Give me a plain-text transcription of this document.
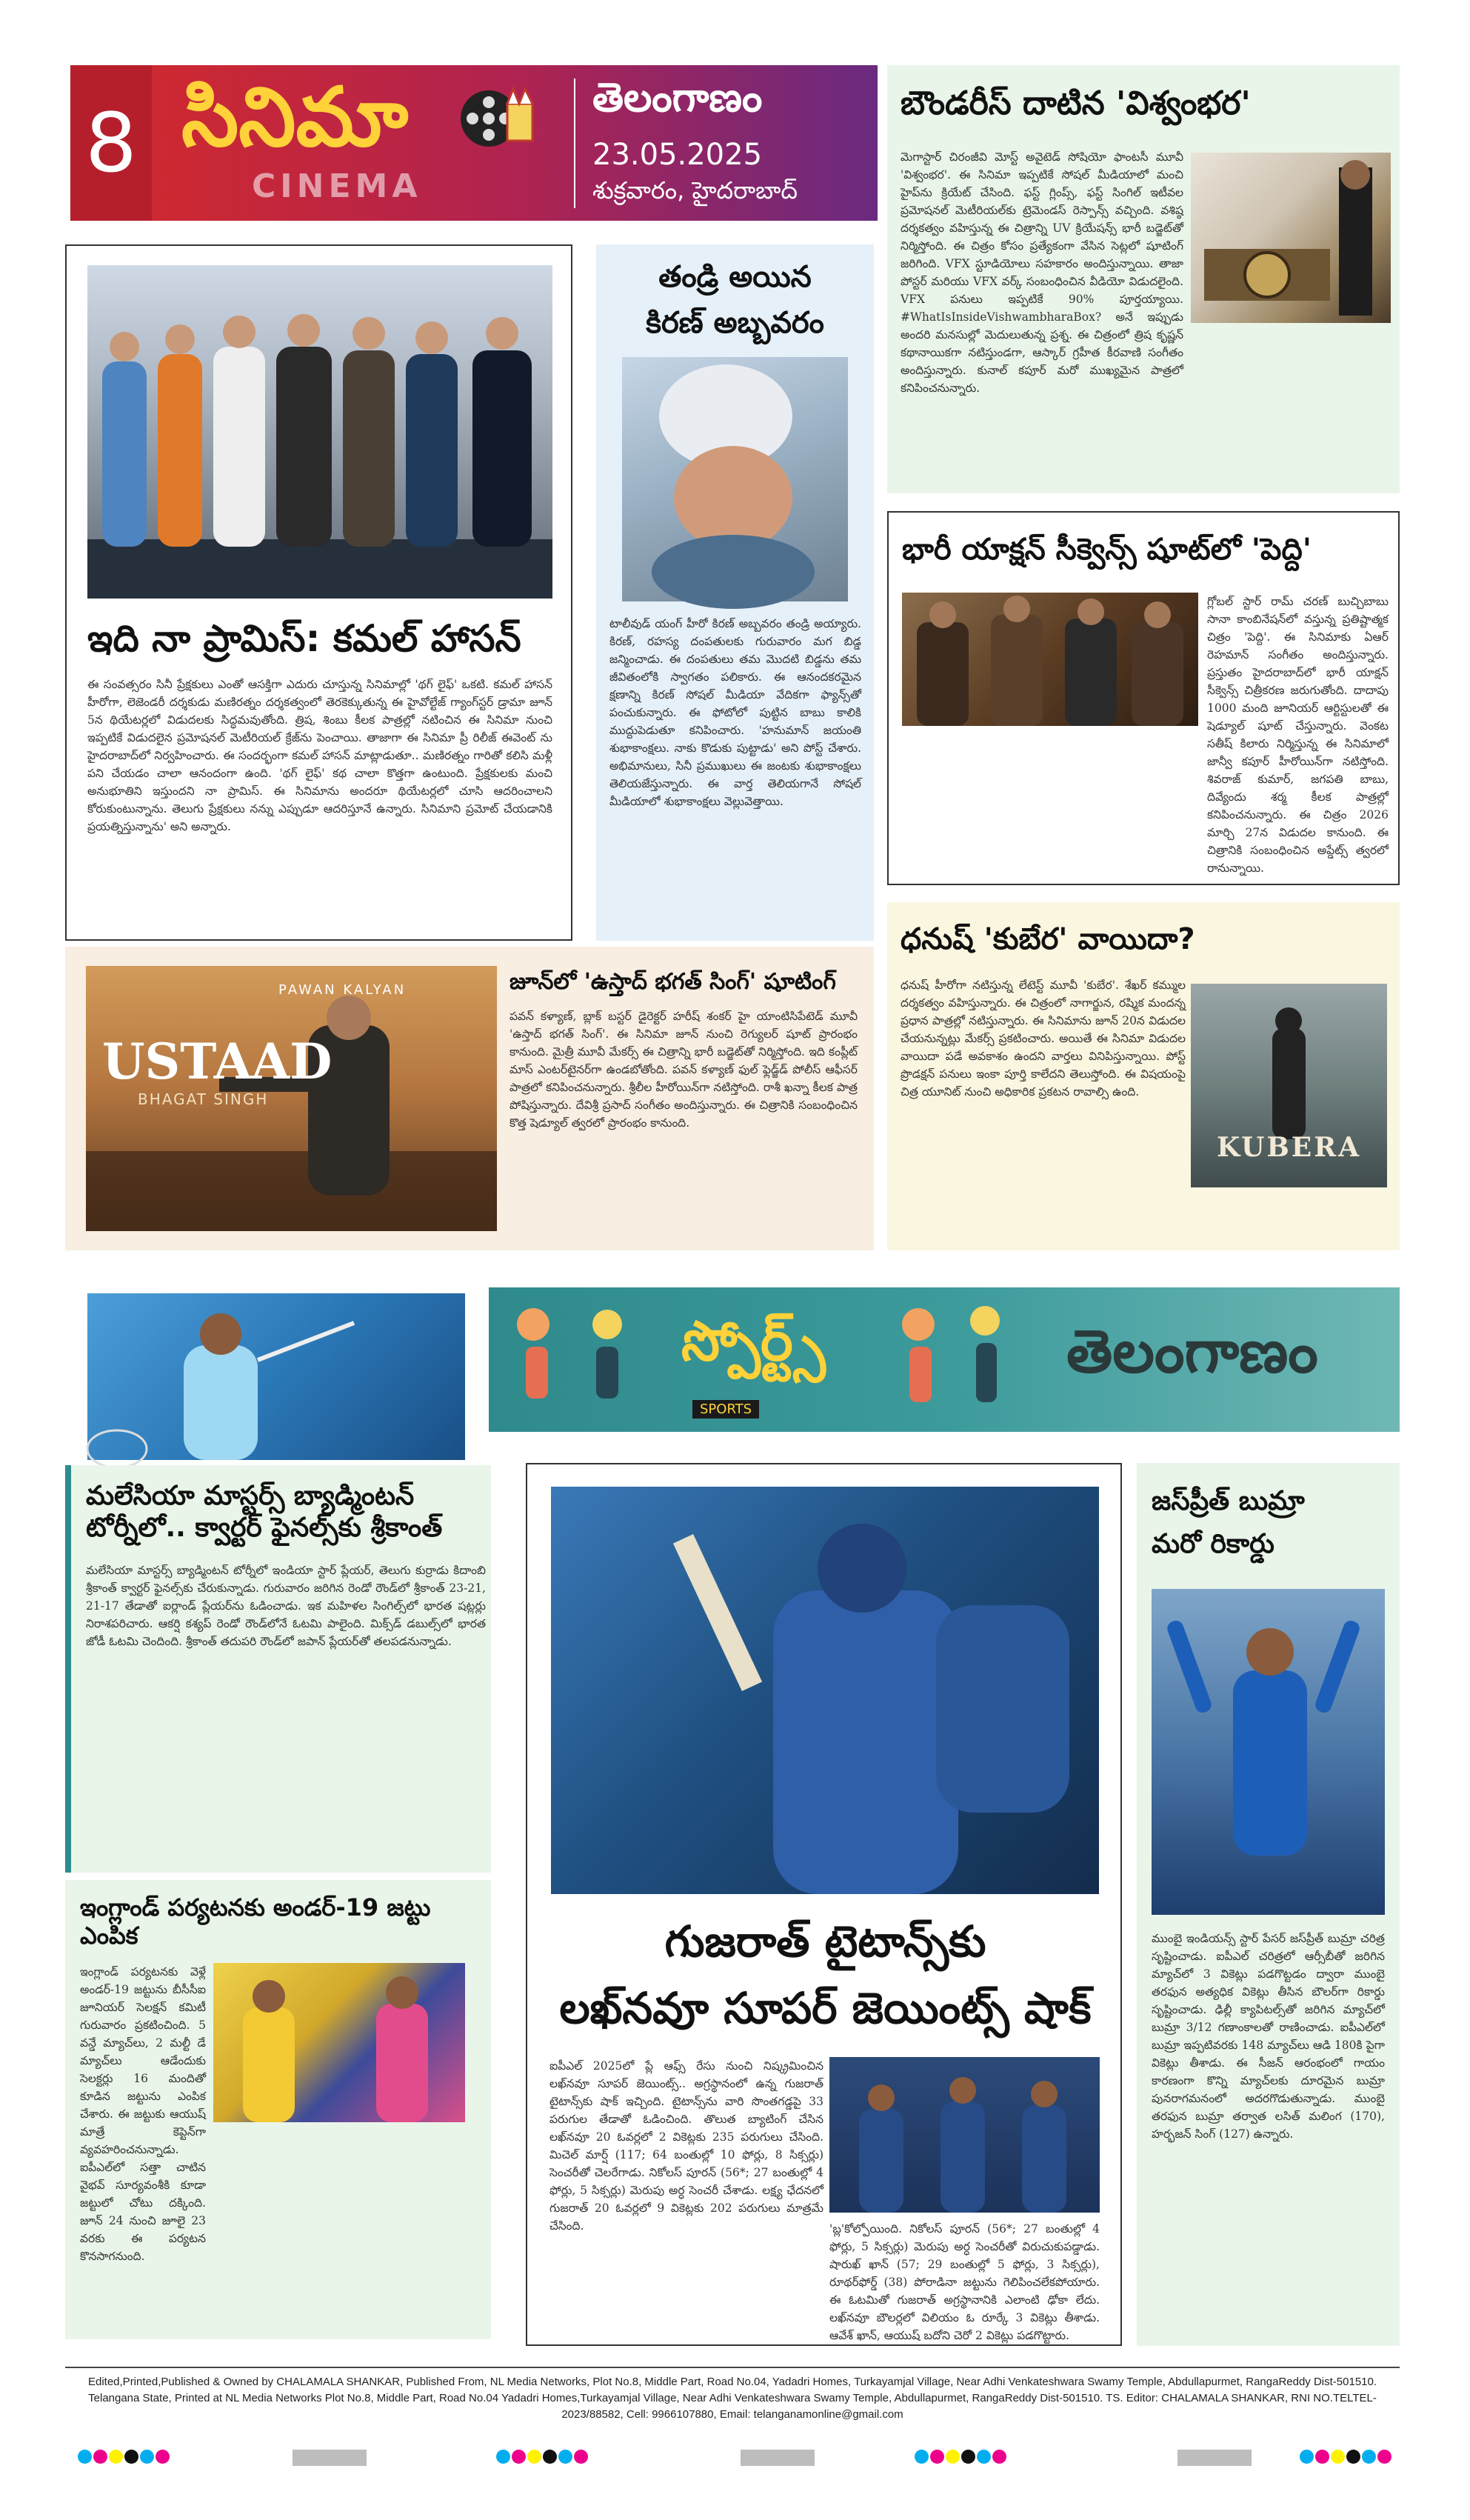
8 సినిమా
CINEMA
తెలంగాణం
23.05.2025
శుక్రవారం, హైదరాబాద్
బౌండరీస్ దాటిన 'విశ్వంభర'
మెగాస్టార్ చిరంజీవి మోస్ట్ అవైటెడ్ సోషియో ఫాంటసీ మూవీ 'విశ్వంభర'. ఈ సినిమా ఇప్పటికే సోషల్ మీడియాలో మంచి హైప్‌ను క్రియేట్ చేసింది. ఫస్ట్ గ్లింప్స్, ఫస్ట్ సింగిల్ ఇటీవల ప్రమోషనల్ మెటీరియల్‌కు ట్రెమెండస్ రెస్పాన్స్ వచ్చింది. వశిష్ఠ దర్శకత్వం వహిస్తున్న ఈ చిత్రాన్ని UV క్రియేషన్స్ భారీ బడ్జెట్‌తో నిర్మిస్తోంది. ఈ చిత్రం కోసం ప్రత్యేకంగా వేసిన సెట్లలో షూటింగ్ జరిగింది. VFX స్టూడియోలు సహకారం అందిస్తున్నాయి. తాజా పోస్టర్ మరియు VFX వర్క్ సంబంధించిన వీడియో విడుదలైంది. VFX పనులు ఇప్పటికే 90% పూర్తయ్యాయి. #WhatIsInsideVishwambharaBox? అనే ఇప్పుడు అందరి మనసుల్లో మెదులుతున్న ప్రశ్న. ఈ చిత్రంలో త్రిష కృష్ణన్ కథానాయికగా నటిస్తుండగా, ఆస్కార్ గ్రహీత కీరవాణి సంగీతం అందిస్తున్నారు. కునాల్ కపూర్ మరో ముఖ్యమైన పాత్రలో కనిపించనున్నారు.
ఇది నా ప్రామిస్: కమల్ హాసన్
ఈ సంవత్సరం సినీ ప్రేక్షకులు ఎంతో ఆసక్తిగా ఎదురు చూస్తున్న సినిమాల్లో 'థగ్ లైఫ్' ఒకటి. కమల్ హాసన్ హీరోగా, లెజెండరీ దర్శకుడు మణిరత్నం దర్శకత్వంలో తెరకెక్కుతున్న ఈ హైవోల్టేజ్ గ్యాంగ్‌స్టర్ డ్రామా జూన్ 5న థియేటర్లలో విడుదలకు సిద్ధమవుతోంది. త్రిష, శింబు కీలక పాత్రల్లో నటించిన ఈ సినిమా నుంచి ఇప్పటికే విడుదలైన ప్రమోషనల్ మెటీరియల్ క్రేజ్‌ను పెంచాయి. తాజాగా ఈ సినిమా ప్రీ రిలీజ్ ఈవెంట్ ను హైదరాబాద్‌లో నిర్వహించారు. ఈ సందర్భంగా కమల్ హాసన్ మాట్లాడుతూ.. మణిరత్నం గారితో కలిసి మళ్లీ పని చేయడం చాలా ఆనందంగా ఉంది. 'థగ్ లైఫ్' కథ చాలా కొత్తగా ఉంటుంది. ప్రేక్షకులకు మంచి అనుభూతిని ఇస్తుందని నా ప్రామిస్. ఈ సినిమాను అందరూ థియేటర్లలో చూసి ఆదరించాలని కోరుకుంటున్నాను. తెలుగు ప్రేక్షకులు నన్ను ఎప్పుడూ ఆదరిస్తూనే ఉన్నారు. సినిమాని ప్రమోట్ చేయడానికి ప్రయత్నిస్తున్నాను' అని అన్నారు.
తండ్రి అయిన
కిరణ్ అబ్బవరం
టాలీవుడ్ యంగ్ హీరో కిరణ్ అబ్బవరం తండ్రి అయ్యారు. కిరణ్, రహస్య దంపతులకు గురువారం మగ బిడ్డ జన్మించాడు. ఈ దంపతులు తమ మొదటి బిడ్డను తమ జీవితంలోకి స్వాగతం పలికారు. ఈ ఆనందకరమైన క్షణాన్ని కిరణ్ సోషల్ మీడియా వేదికగా ఫ్యాన్స్‌తో పంచుకున్నారు. ఈ ఫోటోలో పుట్టిన బాబు కాలికి ముద్దుపెడుతూ కనిపించారు. 'హనుమాన్ జయంతి శుభాకాంక్షలు. నాకు కొడుకు పుట్టాడు' అని పోస్ట్ చేశారు. అభిమానులు, సినీ ప్రముఖులు ఈ జంటకు శుభాకాంక్షలు తెలియజేస్తున్నారు. ఈ వార్త తెలియగానే సోషల్ మీడియాలో శుభాకాంక్షలు వెల్లువెత్తాయి.
భారీ యాక్షన్ సీక్వెన్స్ షూట్‌లో 'పెద్ది'
గ్లోబల్ స్టార్ రామ్ చరణ్ బుచ్చిబాబు సానా కాంబినేషన్‌లో వస్తున్న ప్రతిష్టాత్మక చిత్రం 'పెద్ది'. ఈ సినిమాకు ఏఆర్ రెహమాన్ సంగీతం అందిస్తున్నారు. ప్రస్తుతం హైదరాబాద్‌లో భారీ యాక్షన్ సీక్వెన్స్ చిత్రీకరణ జరుగుతోంది. దాదాపు 1000 మంది జూనియర్ ఆర్టిస్టులతో ఈ షెడ్యూల్ షూట్ చేస్తున్నారు. వెంకట సతీష్ కిలారు నిర్మిస్తున్న ఈ సినిమాలో జాన్వీ కపూర్ హీరోయిన్‌గా నటిస్తోంది. శివరాజ్ కుమార్, జగపతి బాబు, దివ్యేందు శర్మ కీలక పాత్రల్లో కనిపించనున్నారు. ఈ చిత్రం 2026 మార్చి 27న విడుదల కానుంది. ఈ చిత్రానికి సంబంధించిన అప్డేట్స్ త్వరలో రానున్నాయి.
PAWAN KALYAN
USTAAD
BHAGAT SINGH
జూన్‌లో 'ఉస్తాద్ భగత్ సింగ్' షూటింగ్
పవన్ కళ్యాణ్, బ్లాక్ బస్టర్ డైరెక్టర్ హరీష్ శంకర్ హై యాంటిసిపేటెడ్ మూవీ 'ఉస్తాద్ భగత్ సింగ్'. ఈ సినిమా జూన్ నుంచి రెగ్యులర్ షూట్ ప్రారంభం కానుంది. మైత్రీ మూవీ మేకర్స్ ఈ చిత్రాన్ని భారీ బడ్జెట్‌తో నిర్మిస్తోంది. ఇది కంప్లీట్ మాస్ ఎంటర్‌టైనర్‌గా ఉండబోతోంది. పవన్ కళ్యాణ్ ఫుల్ ఫ్లెడ్జ్‌డ్ పోలీస్ ఆఫీసర్ పాత్రలో కనిపించనున్నారు. శ్రీలీల హీరోయిన్‌గా నటిస్తోంది. రాశీ ఖన్నా కీలక పాత్ర పోషిస్తున్నారు. దేవిశ్రీ ప్రసాద్ సంగీతం అందిస్తున్నారు. ఈ చిత్రానికి సంబంధించిన కొత్త షెడ్యూల్ త్వరలో ప్రారంభం కానుంది.
ధనుష్ 'కుబేర' వాయిదా?
ధనుష్ హీరోగా నటిస్తున్న లేటెస్ట్ మూవీ 'కుబేర'. శేఖర్ కమ్ముల దర్శకత్వం వహిస్తున్నారు. ఈ చిత్రంలో నాగార్జున, రష్మిక మందన్న ప్రధాన పాత్రల్లో నటిస్తున్నారు. ఈ సినిమాను జూన్ 20న విడుదల చేయనున్నట్లు మేకర్స్ ప్రకటించారు. అయితే ఈ సినిమా విడుదల వాయిదా పడే అవకాశం ఉందని వార్తలు వినిపిస్తున్నాయి. పోస్ట్ ప్రొడక్షన్ పనులు ఇంకా పూర్తి కాలేదని తెలుస్తోంది. ఈ విషయంపై చిత్ర యూనిట్ నుంచి అధికారిక ప్రకటన రావాల్సి ఉంది.
KUBERA
స్పోర్ట్స్
SPORTS
తెలంగాణం
మలేసియా మాస్టర్స్ బ్యాడ్మింటన్ టోర్నీలో.. క్వార్టర్ ఫైనల్స్‌కు శ్రీకాంత్
మలేసియా మాస్టర్స్ బ్యాడ్మింటన్ టోర్నీలో ఇండియా స్టార్ ప్లేయర్, తెలుగు కుర్రాడు కిదాంబి శ్రీకాంత్ క్వార్టర్ ఫైనల్స్‌కు చేరుకున్నాడు. గురువారం జరిగిన రెండో రౌండ్‌లో శ్రీకాంత్ 23-21, 21-17 తేడాతో ఐర్లాండ్ ప్లేయర్‌ను ఓడించాడు. ఇక మహిళల సింగిల్స్‌లో భారత షట్లర్లు నిరాశపరిచారు. ఆకర్షి కశ్యప్ రెండో రౌండ్‌లోనే ఓటమి పాలైంది. మిక్స్‌డ్ డబుల్స్‌లో భారత జోడీ ఓటమి చెందింది. శ్రీకాంత్ తదుపరి రౌండ్‌లో జపాన్ ప్లేయర్‌తో తలపడనున్నాడు.
ఇంగ్లాండ్ పర్యటనకు అండర్-19 జట్టు ఎంపిక
ఇంగ్లాండ్ పర్యటనకు వెళ్లే అండర్-19 జట్టును బీసీసీఐ జూనియర్ సెలక్షన్ కమిటీ గురువారం ప్రకటించింది. 5 వన్డే మ్యాచ్‌లు, 2 మల్టీ డే మ్యాచ్‌లు ఆడేందుకు సెలక్టర్లు 16 మందితో కూడిన జట్టును ఎంపిక చేశారు. ఈ జట్టుకు ఆయుష్ మాత్రే కెప్టెన్‌గా వ్యవహరించనున్నాడు. ఐపీఎల్‌లో సత్తా చాటిన వైభవ్ సూర్యవంశీకి కూడా జట్టులో చోటు దక్కింది. జూన్ 24 నుంచి జూలై 23 వరకు ఈ పర్యటన కొనసాగనుంది.
గుజరాత్ టైటాన్స్‌కు
లఖ్‌నవూ సూపర్ జెయింట్స్ షాక్
ఐపీఎల్ 2025లో ప్లే ఆఫ్స్ రేసు నుంచి నిష్క్రమించిన లఖ్‌నవూ సూపర్ జెయింట్స్.. అగ్రస్థానంలో ఉన్న గుజరాత్ టైటాన్స్‌కు షాక్ ఇచ్చింది. టైటాన్స్‌ను వారి సొంతగడ్డపై 33 పరుగుల తేడాతో ఓడించింది. తొలుత బ్యాటింగ్ చేసిన లఖ్‌నవూ 20 ఓవర్లలో 2 వికెట్లకు 235 పరుగులు చేసింది. మిచెల్ మార్ష్ (117; 64 బంతుల్లో 10 ఫోర్లు, 8 సిక్సర్లు) సెంచరీతో చెలరేగాడు. నికోలస్ పూరన్ (56*; 27 బంతుల్లో 4 ఫోర్లు, 5 సిక్సర్లు) మెరుపు అర్ధ సెంచరీ చేశాడు. లక్ష్య ఛేదనలో గుజరాత్ 20 ఓవర్లలో 9 వికెట్లకు 202 పరుగులు మాత్రమే చేసింది.	'బ్ల'కోల్పోయింది. నికోలస్ పూరన్ (56*; 27 బంతుల్లో 4 ఫోర్లు, 5 సిక్సర్లు) మెరుపు అర్ధ సెంచరీతో విరుచుకుపడ్డాడు. షారుఖ్ ఖాన్ (57; 29 బంతుల్లో 5 ఫోర్లు, 3 సిక్సర్లు), రూథర్‌ఫోర్డ్ (38) పోరాడినా జట్టును గెలిపించలేకపోయారు. ఈ ఓటమితో గుజరాత్ అగ్రస్థానానికి ఎలాంటి ఢోకా లేదు. లఖ్‌నవూ బౌలర్లలో విలియం ఓ రూర్కే 3 వికెట్లు తీశాడు. ఆవేశ్ ఖాన్, ఆయుష్ బదోని చెరో 2 వికెట్లు పడగొట్టారు.
జస్‌ప్రీత్ బుమ్రా
మరో రికార్డు
ముంబై ఇండియన్స్ స్టార్ పేసర్ జస్‌ప్రీత్ బుమ్రా చరిత్ర సృష్టించాడు. ఐపీఎల్ చరిత్రలో ఆర్సీబీతో జరిగిన మ్యాచ్‌లో 3 వికెట్లు పడగొట్టడం ద్వారా ముంబై తరఫున అత్యధిక వికెట్లు తీసిన బౌలర్‌గా రికార్డు సృష్టించాడు. ఢిల్లీ క్యాపిటల్స్‌తో జరిగిన మ్యాచ్‌లో బుమ్రా 3/12 గణాంకాలతో రాణించాడు. ఐపీఎల్‌లో బుమ్రా ఇప్పటివరకు 148 మ్యాచ్‌లు ఆడి 180కి పైగా వికెట్లు తీశాడు. ఈ సీజన్ ఆరంభంలో గాయం కారణంగా కొన్ని మ్యాచ్‌లకు దూరమైన బుమ్రా పునరాగమనంలో అదరగొడుతున్నాడు. ముంబై తరఫున బుమ్రా తర్వాత లసిత్ మలింగ (170), హర్భజన్ సింగ్ (127) ఉన్నారు.
Edited,Printed,Published & Owned by CHALAMALA SHANKAR, Published From, NL Media Networks, Plot No.8, Middle Part, Road No.04, Yadadri Homes, Turkayamjal Village, Near Adhi Venkateshwara Swamy Temple, Abdullapurmet, RangaReddy Dist-501510. Telangana State, Printed at NL Media Networks Plot No.8, Middle Part, Road No.04 Yadadri Homes,Turkayamjal Village, Near Adhi Venkateshwara Swamy Temple, Abdullapurmet, RangaReddy Dist-501510. TS. Editor: CHALAMALA SHANKAR, RNI NO.TELTEL-2023/88582, Cell: 9966107880, Email: telanganamonline@gmail.com
